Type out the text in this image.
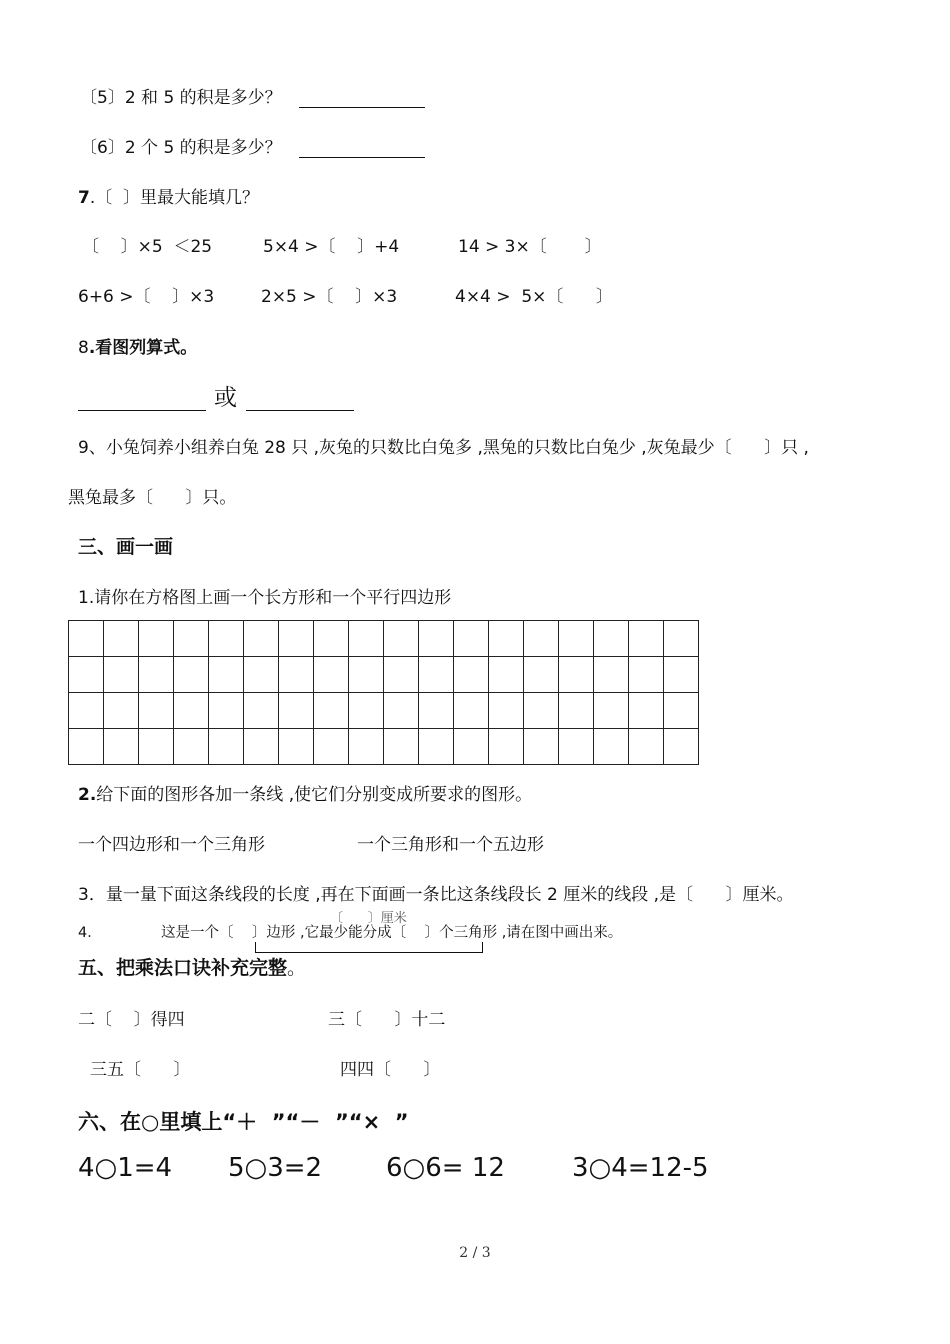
〔5〕2 和 5 的积是多少？
〔6〕2 个 5 的积是多少？
7.〔  〕里最大能填几？
〔    〕×5  ＜25	5×4 >〔    〕+4	14 > 3×〔       〕
6+6 >〔    〕×3	2×5 >〔    〕×3	4×4 >  5×〔      〕
8.看图列算式。
或
9、小兔饲养小组养白兔 28 只 ,灰兔的只数比白兔多 ,黑兔的只数比白兔少 ,灰兔最少〔      〕只 ,
黑兔最多〔      〕只。
三、画一画
1.请你在方格图上画一个长方形和一个平行四边形

2.给下面的图形各加一条线 ,使它们分别变成所要求的图形。
一个四边形和一个三角形	一个三角形和一个五边形
3．量一量下面这条线段的长度 ,再在下面画一条比这条线段长 2 厘米的线段 ,是〔      〕厘米。
4．	这是一个〔    〕边形 ,它最少能分成〔    〕个三角形 ,请在图中画出来。
〔      〕厘米
五、把乘法口诀补充完整。
二〔    〕得四	三〔      〕十二
三五〔      〕	四四〔      〕
六、在○里填上“＋  ”“－  ”“×  ”
4○1=4 5○3=2 6○6= 12	3○4=12-5
2 / 3
